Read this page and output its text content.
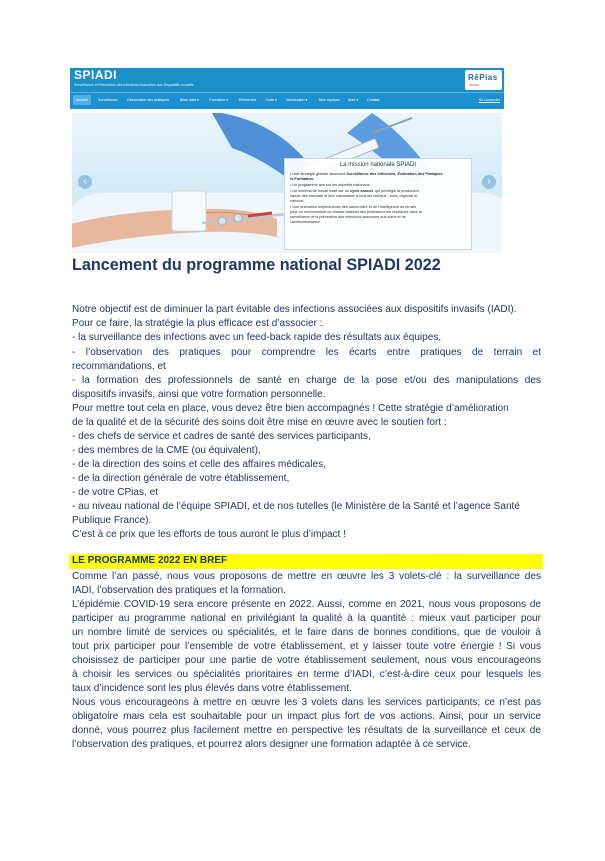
SPIADI
Surveillance et Prévention des infections Associées aux Dispositifs Invasifs
RēPias
SPIADI
Accueil	Surveillance	Observation des pratiques	Bilan data ▾	Formation ▾	Recherche Outils ▾	Valorisation ▾	Mon équipes Aide ▾	Contact	Se connecter
‹	›
La mission nationale SPIADI
• Une stratégie globale associant Surveillance des infections, Évaluation des Pratiques
et Formation.
• Un programme axé sur les objectifs nationaux.
• Un schéma de travail basé sur un cycle annuel, qui privilégie la production
rapide des résultats et leur valorisation à tous les niveaux : local, régional et
national.
• Une animation respectueuse des savoir-faire et de l'intelligence du terrain
pour un renforcement du réseau national des professionnels impliqués dans la
surveillance et la prévention des infections associées aux soins et de
l'antibiorésistance.
Lancement du programme national SPIADI 2022
Notre objectif est de diminuer la part évitable des infections associées aux dispositifs invasifs (IADI).
Pour ce faire, la stratégie la plus efficace est d’associer :
- la surveillance des infections avec un feed-back rapide des résultats aux équipes,
- l’observation des pratiques pour comprendre les écarts entre pratiques de terrain et
recommandations, et
- la formation des professionnels de santé en charge de la pose et/ou des manipulations des
dispositifs invasifs, ainsi que votre formation personnelle.
Pour mettre tout cela en place, vous devez être bien accompagnés ! Cette stratégie d’amélioration
de la qualité et de la sécurité des soins doit être mise en œuvre avec le soutien fort :
- des chefs de service et cadres de santé des services participants,
- des membres de la CME (ou équivalent),
- de la direction des soins et celle des affaires médicales,
- de la direction générale de votre établissement,
- de votre CPias, et
- au niveau national de l’équipe SPIADI, et de nos tutelles (le Ministère de la Santé et l’agence Santé
Publique France).
C’est à ce prix que les efforts de tous auront le plus d’impact !
LE PROGRAMME 2022 EN BREF
Comme l’an passé, nous vous proposons de mettre en œuvre les 3 volets-clé : la surveillance des
IADI, l’observation des pratiques et la formation.
L’épidémie COVID-19 sera encore présente en 2022. Aussi, comme en 2021, nous vous proposons de
participer au programme national en privilégiant la qualité à la quantité : mieux vaut participer pour
un nombre limité de services ou spécialités, et le faire dans de bonnes conditions, que de vouloir à
tout prix participer pour l’ensemble de votre établissement, et y laisser toute votre énergie ! Si vous
choisissez de participer pour une partie de votre établissement seulement, nous vous encourageons
à choisir les services ou spécialités prioritaires en terme d’IADI, c’est-à-dire ceux pour lesquels les
taux d’incidence sont les plus élevés dans votre établissement.
Nous vous encourageons à mettre en œuvre les 3 volets dans les services participants; ce n’est pas
obligatoire mais cela est souhaitable pour un impact plus fort de vos actions. Ainsi, pour un service
donné, vous pourrez plus facilement mettre en perspective les résultats de la surveillance et ceux de
l’observation des pratiques, et pourrez alors designer une formation adaptée à ce service.
